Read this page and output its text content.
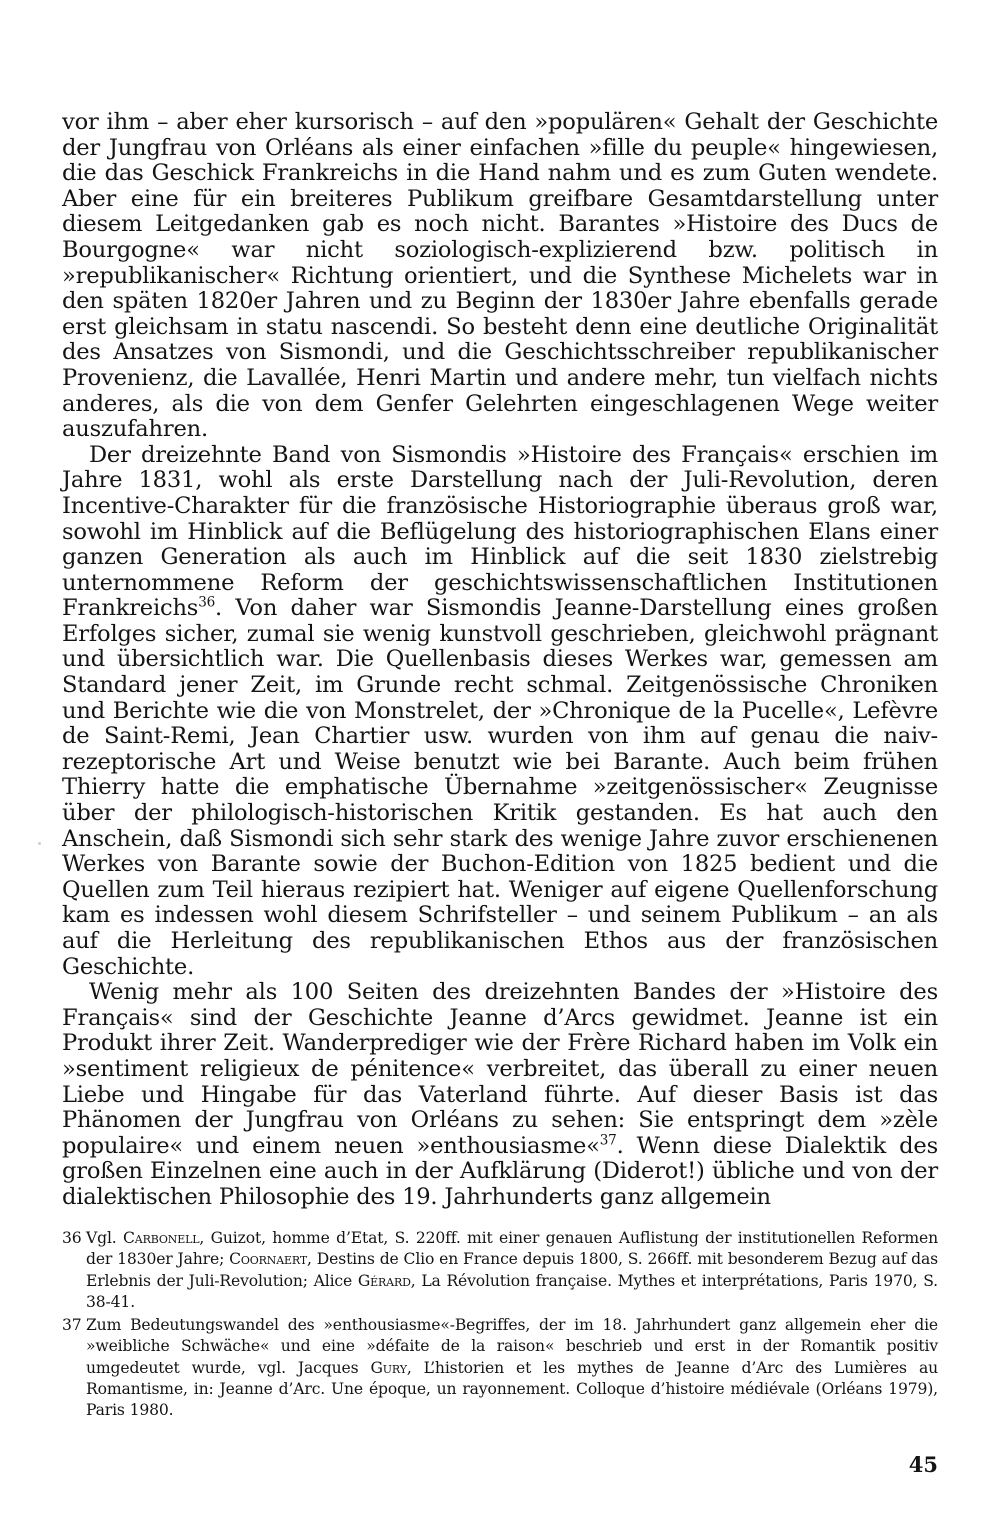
vor ihm – aber eher kursorisch – auf den »populären« Gehalt der Geschichte der Jungfrau von Orléans als einer einfachen »fille du peuple« hingewiesen, die das Geschick Frankreichs in die Hand nahm und es zum Guten wendete. Aber eine für ein breiteres Publikum greifbare Gesamtdarstellung unter diesem Leitgedanken gab es noch nicht. Barantes »Histoire des Ducs de Bourgogne« war nicht soziologisch-explizierend bzw. politisch in »republikanischer« Richtung orientiert, und die Synthese Michelets war in den späten 1820er Jahren und zu Beginn der 1830er Jahre ebenfalls gerade erst gleichsam in statu nascendi. So besteht denn eine deutliche Originalität des Ansatzes von Sismondi, und die Geschichtsschreiber republikanischer Provenienz, die Lavallée, Henri Martin und andere mehr, tun vielfach nichts anderes, als die von dem Genfer Gelehrten eingeschlagenen Wege weiter auszufahren.

Der dreizehnte Band von Sismondis »Histoire des Français« erschien im Jahre 1831, wohl als erste Darstellung nach der Juli-Revolution, deren Incentive-Charakter für die französische Historiographie überaus groß war, sowohl im Hinblick auf die Beflügelung des historiographischen Elans einer ganzen Generation als auch im Hinblick auf die seit 1830 zielstrebig unternommene Reform der geschichtswissenschaftlichen Institutionen Frankreichs$^{36}$. Von daher war Sismondis Jeanne-Darstellung eines großen Erfolges sicher, zumal sie wenig kunstvoll geschrieben, gleichwohl prägnant und übersichtlich war. Die Quellenbasis dieses Werkes war, gemessen am Standard jener Zeit, im Grunde recht schmal. Zeitgenössische Chroniken und Berichte wie die von Monstrelet, der »Chronique de la Pucelle«, Lefèvre de Saint-Remi, Jean Chartier usw. wurden von ihm auf genau die naiv-rezeptorische Art und Weise benutzt wie bei Barante. Auch beim frühen Thierry hatte die emphatische Übernahme »zeitgenössischer« Zeugnisse über der philologisch-historischen Kritik gestanden. Es hat auch den Anschein, daß Sismondi sich sehr stark des wenige Jahre zuvor erschienenen Werkes von Barante sowie der Buchon-Edition von 1825 bedient und die Quellen zum Teil hieraus rezipiert hat. Weniger auf eigene Quellenforschung kam es indessen wohl diesem Schrifsteller – und seinem Publikum – an als auf die Herleitung des republikanischen Ethos aus der französischen Geschichte.

Wenig mehr als 100 Seiten des dreizehnten Bandes der »Histoire des Français« sind der Geschichte Jeanne d’Arcs gewidmet. Jeanne ist ein Produkt ihrer Zeit. Wanderprediger wie der Frère Richard haben im Volk ein »sentiment religieux de pénitence« verbreitet, das überall zu einer neuen Liebe und Hingabe für das Vaterland führte. Auf dieser Basis ist das Phänomen der Jungfrau von Orléans zu sehen: Sie entspringt dem »zèle populaire« und einem neuen »enthousiasme«$^{37}$. Wenn diese Dialektik des großen Einzelnen eine auch in der Aufklärung (Diderot!) übliche und von der dialektischen Philosophie des 19. Jahrhunderts ganz allgemein

36 Vgl. Carbonell, Guizot, homme d’Etat, S. 220ff. mit einer genauen Auflistung der institutionellen Reformen der 1830er Jahre; Coornaert, Destins de Clio en France depuis 1800, S. 266ff. mit besonderem Bezug auf das Erlebnis der Juli-Revolution; Alice Gérard, La Révolution française. Mythes et interprétations, Paris 1970, S. 38-41.
37 Zum Bedeutungswandel des »enthousiasme«-Begriffes, der im 18. Jahrhundert ganz allgemein eher die »weibliche Schwäche« und eine »défaite de la raison« beschrieb und erst in der Romantik positiv umgedeutet wurde, vgl. Jacques Gury, L’historien et les mythes de Jeanne d’Arc des Lumières au Romantisme, in: Jeanne d’Arc. Une époque, un rayonnement. Colloque d’histoire médiévale (Orléans 1979), Paris 1980.
45
